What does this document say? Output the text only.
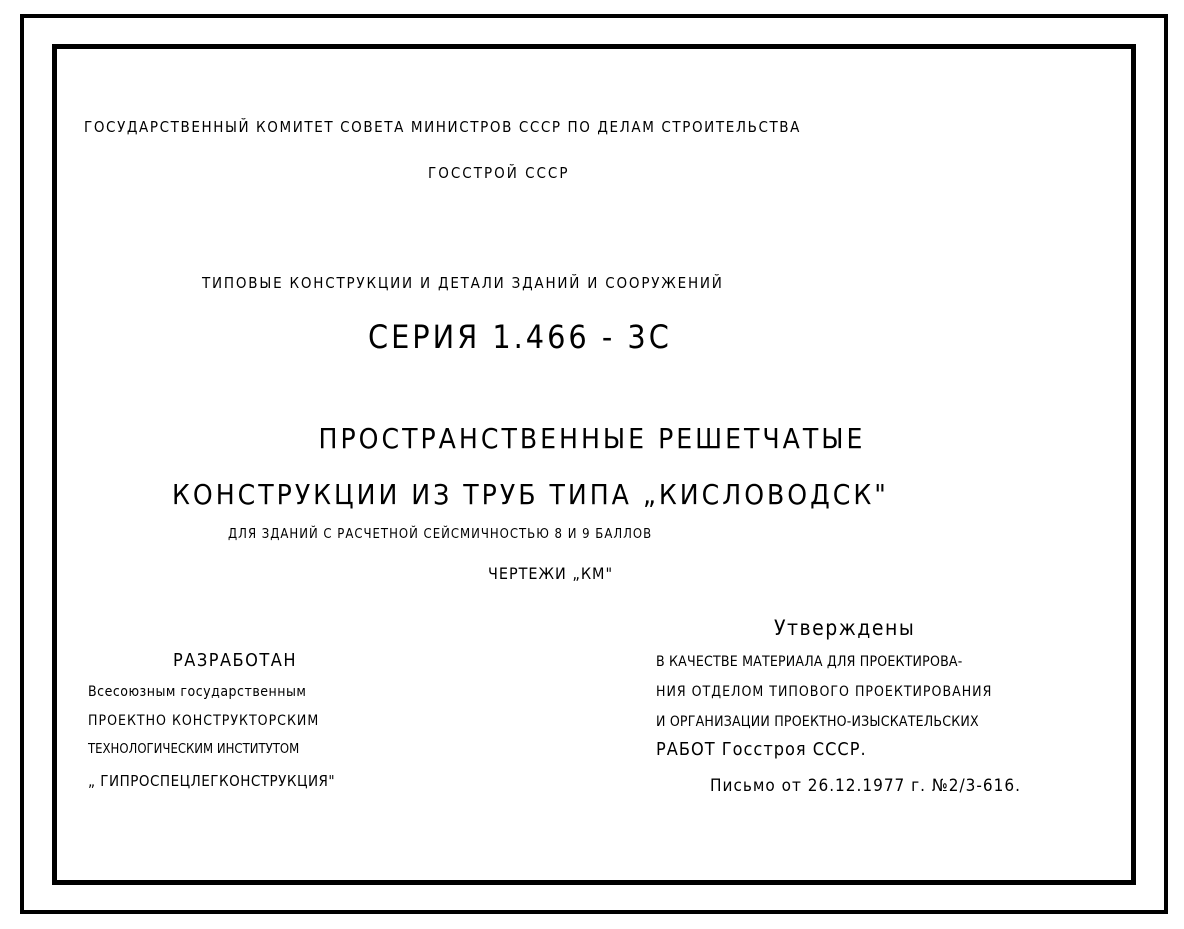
ГОСУДАРСТВЕННЫЙ КОМИТЕТ СОВЕТА МИНИСТРОВ СССР ПО ДЕЛАМ СТРОИТЕЛЬСТВА
ГОССТРОЙ СССР
ТИПОВЫЕ КОНСТРУКЦИИ И ДЕТАЛИ ЗДАНИЙ И СООРУЖЕНИЙ
СЕРИЯ 1.466 - 3С
ПРОСТРАНСТВЕННЫЕ РЕШЕТЧАТЫЕ
КОНСТРУКЦИИ ИЗ ТРУБ ТИПА „КИСЛОВОДСК"
ДЛЯ ЗДАНИЙ С РАСЧЕТНОЙ СЕЙСМИЧНОСТЬЮ 8 И 9 БАЛЛОВ
ЧЕРТЕЖИ „КМ"
РАЗРАБОТАН
Всесоюзным государственным
ПРОЕКТНО КОНСТРУКТОРСКИМ
ТЕХНОЛОГИЧЕСКИМ ИНСТИТУТОМ
„ ГИПРОСПЕЦЛЕГКОНСТРУКЦИЯ"
Утверждены
В КАЧЕСТВЕ МАТЕРИАЛА ДЛЯ ПРОЕКТИРОВА-
НИЯ ОТДЕЛОМ ТИПОВОГО ПРОЕКТИРОВАНИЯ
И ОРГАНИЗАЦИИ ПРОЕКТНО-ИЗЫСКАТЕЛЬСКИХ
РАБОТ Госстроя СССР.
Письмо от 26.12.1977 г. №2/3-616.
